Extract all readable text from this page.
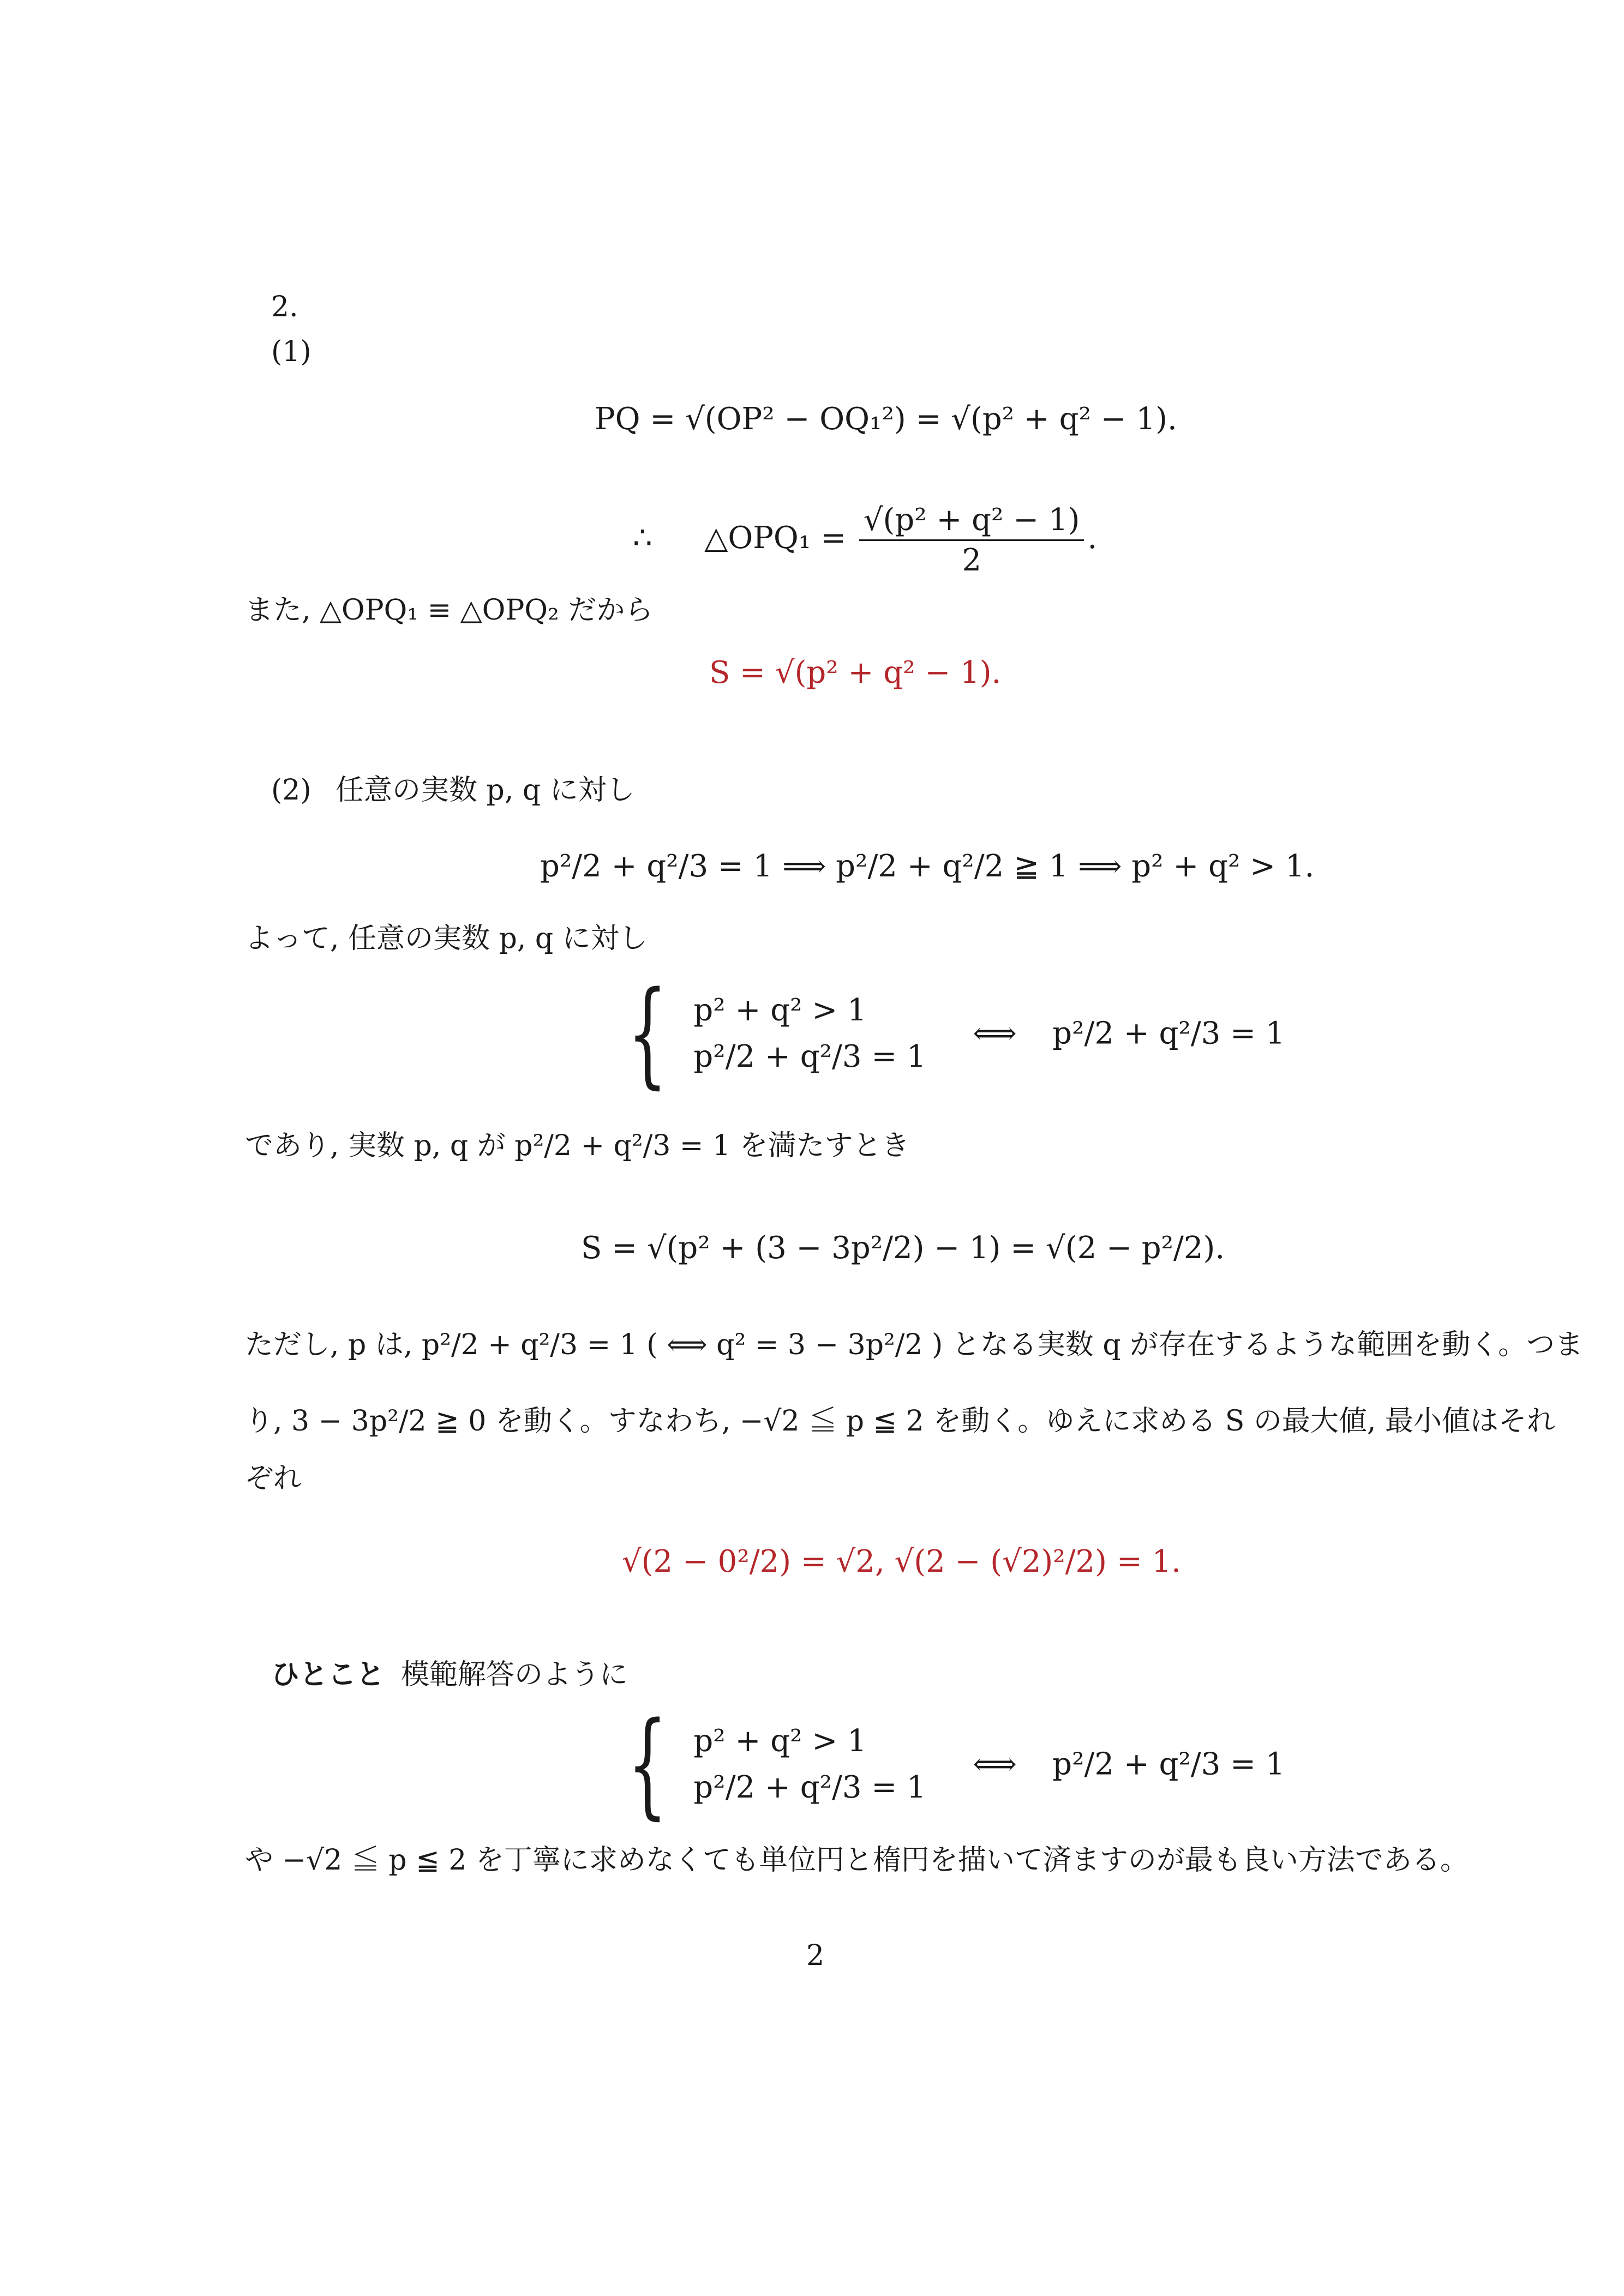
2.
(1)
PQ = √(OP² − OQ₁²) = √(p² + q² − 1).
∴ △OPQ₁ = $\frac{\text{√(p² + q² − 1)}}{2}$ .
また, △OPQ₁ ≡ △OPQ₂ だから
S = √(p² + q² − 1).
(2) 任意の実数 p, q に対し
p²/2 + q²/3 = 1 ⟹ p²/2 + q²/2 ≧ 1 ⟹ p² + q² > 1.
よって, 任意の実数 p, q に対し
{ p² + q² > 1
p²/2 + q²/3 = 1
⟺ p²/2 + q²/3 = 1
であり, 実数 p, q が p²/2 + q²/3 = 1 を満たすとき
S = √(p² + (3 − 3p²/2) − 1) = √(2 − p²/2).
ただし, p は, p²/2 + q²/3 = 1 ( ⟺ q² = 3 − 3p²/2 ) となる実数 q が存在するような範囲を動く。つま
り, 3 − 3p²/2 ≧ 0 を動く。すなわち, −√2 ≦ p ≦ 2 を動く。ゆえに求める S の最大値, 最小値はそれ
ぞれ
√(2 − 0²/2) = √2, √(2 − (√2)²/2) = 1.
ひとこと 模範解答のように
{ p² + q² > 1
p²/2 + q²/3 = 1
⟺ p²/2 + q²/3 = 1
や −√2 ≦ p ≦ 2 を丁寧に求めなくても単位円と楕円を描いて済ますのが最も良い方法である。
2
